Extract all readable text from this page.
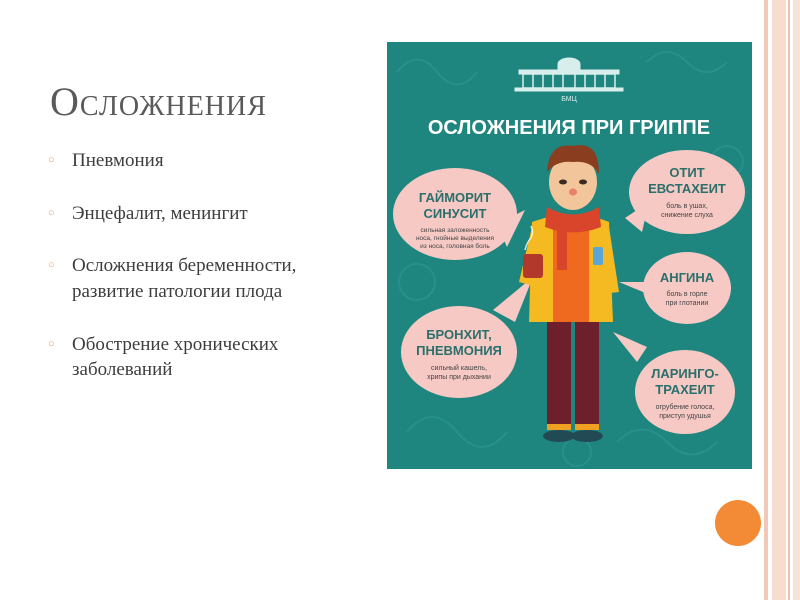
Осложнения
○ Пневмония
○ Энцефалит, менингит
○ Осложнения беременности, развитие патологии плода
○ Обострение хронических заболеваний
БМЦ
ОСЛОЖНЕНИЯ ПРИ ГРИППЕ
ГАЙМОРИТ
СИНУСИТ
сильная заложенность
носа, гнойные выделения
из носа, головная боль
ОТИТ
ЕВСТАХЕИТ
боль в ушах,
снижение слуха
АНГИНА
боль в горле
при глотании
БРОНХИТ,
ПНЕВМОНИЯ
сильный кашель,
хрипы при дыхании	ЛАРИНГО-
ТРАХЕИТ
огрубение голоса,
приступ удушья
